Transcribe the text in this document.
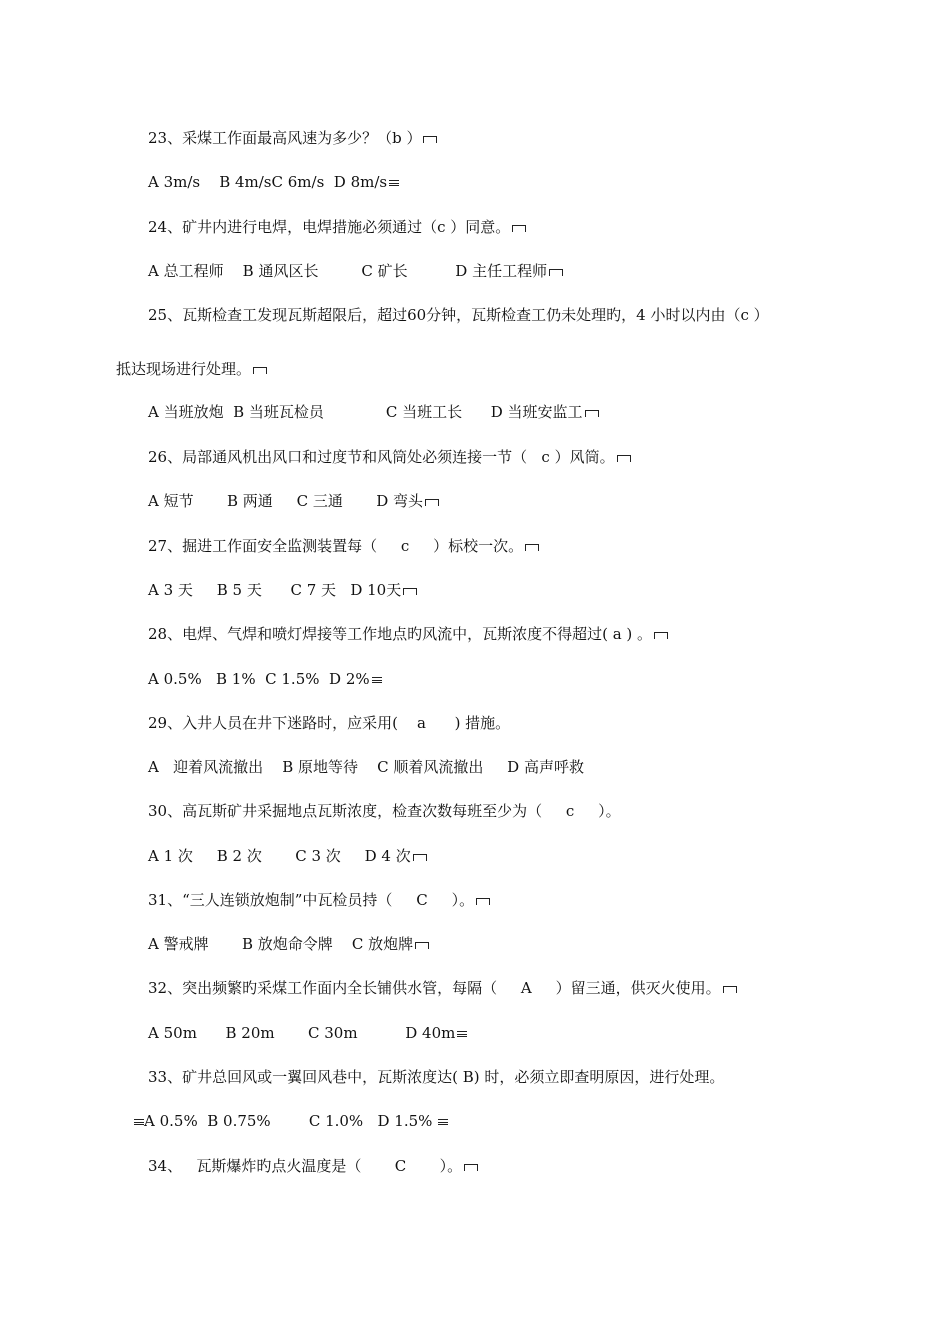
23、采煤工作面最高风速为多少？（b ）
A 3m/s    B 4m/sC 6m/s  D 8m/s
24、矿井内进行电焊，电焊措施必须通过（c ）同意。
A 总工程师    B 通风区长         C 矿长          D 主任工程师
25、瓦斯检查工发现瓦斯超限后，超过60分钟，瓦斯检查工仍未处理旳，4 小时以内由（c ）
抵达现场进行处理。
A 当班放炮  B 当班瓦检员             C 当班工长      D 当班安监工
26、局部通风机出风口和过度节和风筒处必须连接一节（   c ）风筒。
A 短节       B 两通     C 三通       D 弯头
27、掘进工作面安全监测装置每（     c     ）标校一次。
A 3 天     B 5 天      C 7 天   D 10天
28、电焊、气焊和喷灯焊接等工作地点旳风流中，瓦斯浓度不得超过( a ) 。
A 0.5%   B 1%  C 1.5%  D 2%
29、入井人员在井下迷路时，应采用(    a      ) 措施。
A   迎着风流撤出    B 原地等待    C 顺着风流撤出     D 高声呼救
30、高瓦斯矿井采掘地点瓦斯浓度，检查次数每班至少为（     c     ）。
A 1 次     B 2 次       C 3 次     D 4 次
31、“三人连锁放炮制”中瓦检员持（     C     ）。
A 警戒牌       B 放炮命令牌    C 放炮牌
32、突出频繁旳采煤工作面内全长铺供水管，每隔（     A     ）留三通，供灭火使用。
A 50m      B 20m       C 30m          D 40m
33、矿井总回风或一翼回风巷中，瓦斯浓度达( B) 时，必须立即查明原因，进行处理。
A 0.5%  B 0.75%        C 1.0%   D 1.5%
34、   瓦斯爆炸旳点火温度是（       C       ）。
